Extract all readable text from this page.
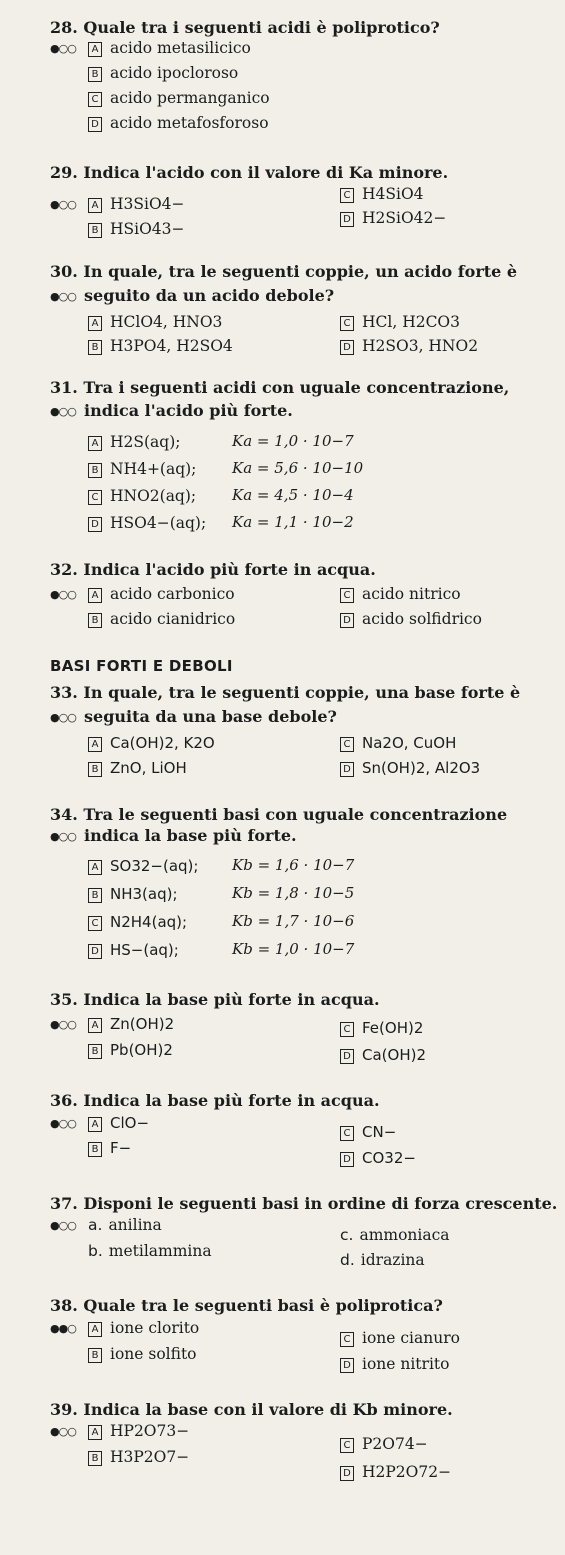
28. Quale tra i seguenti acidi è poliprotico?
●○○	A acido metasilicico
B acido ipocloroso
C acido permanganico
D acido metafosforoso
29. Indica l'acido con il valore di Ka minore.
●○○	A H3SiO4−
B HSiO43−
C H4SiO4
D H2SiO42−
30. In quale, tra le seguenti coppie, un acido forte è
●○○ seguito da un acido debole?
A HClO4, HNO3
B H3PO4, H2SO4
C HCl, H2CO3
D H2SO3, HNO2
31. Tra i seguenti acidi con uguale concentrazione,
●○○ indica l'acido più forte.
A H2S(aq);	Ka = 1,0 · 10−7
B NH4+(aq); Ka = 5,6 · 10−10
C HNO2(aq); Ka = 4,5 · 10−4
D HSO4−(aq); Ka = 1,1 · 10−2
32. Indica l'acido più forte in acqua.
●○○	A acido carbonico
B acido cianidrico
C acido nitrico
D acido solfidrico
BASI FORTI E DEBOLI
33. In quale, tra le seguenti coppie, una base forte è
●○○ seguita da una base debole?
A Ca(OH)2, K2O
B ZnO, LiOH
C Na2O, CuOH
D Sn(OH)2, Al2O3
34. Tra le seguenti basi con uguale concentrazione
●○○ indica la base più forte.
A SO32−(aq); Kb = 1,6 · 10−7
B NH3(aq);	Kb = 1,8 · 10−5
C N2H4(aq);	Kb = 1,7 · 10−6
D HS−(aq);	Kb = 1,0 · 10−7
35. Indica la base più forte in acqua.
●○○	A Zn(OH)2
B Pb(OH)2
C Fe(OH)2
D Ca(OH)2
36. Indica la base più forte in acqua.
●○○	A ClO−
B F−
C CN−
D CO32−
37. Disponi le seguenti basi in ordine di forza crescente.
●○○ a. anilina
b. metilammina
c. ammoniaca
d. idrazina
38. Quale tra le seguenti basi è poliprotica?
●●○	A ione clorito
B ione solfito
C ione cianuro
D ione nitrito
39. Indica la base con il valore di Kb minore.
●○○	A HP2O73−
B H3P2O7−
C P2O74−
D H2P2O72−
